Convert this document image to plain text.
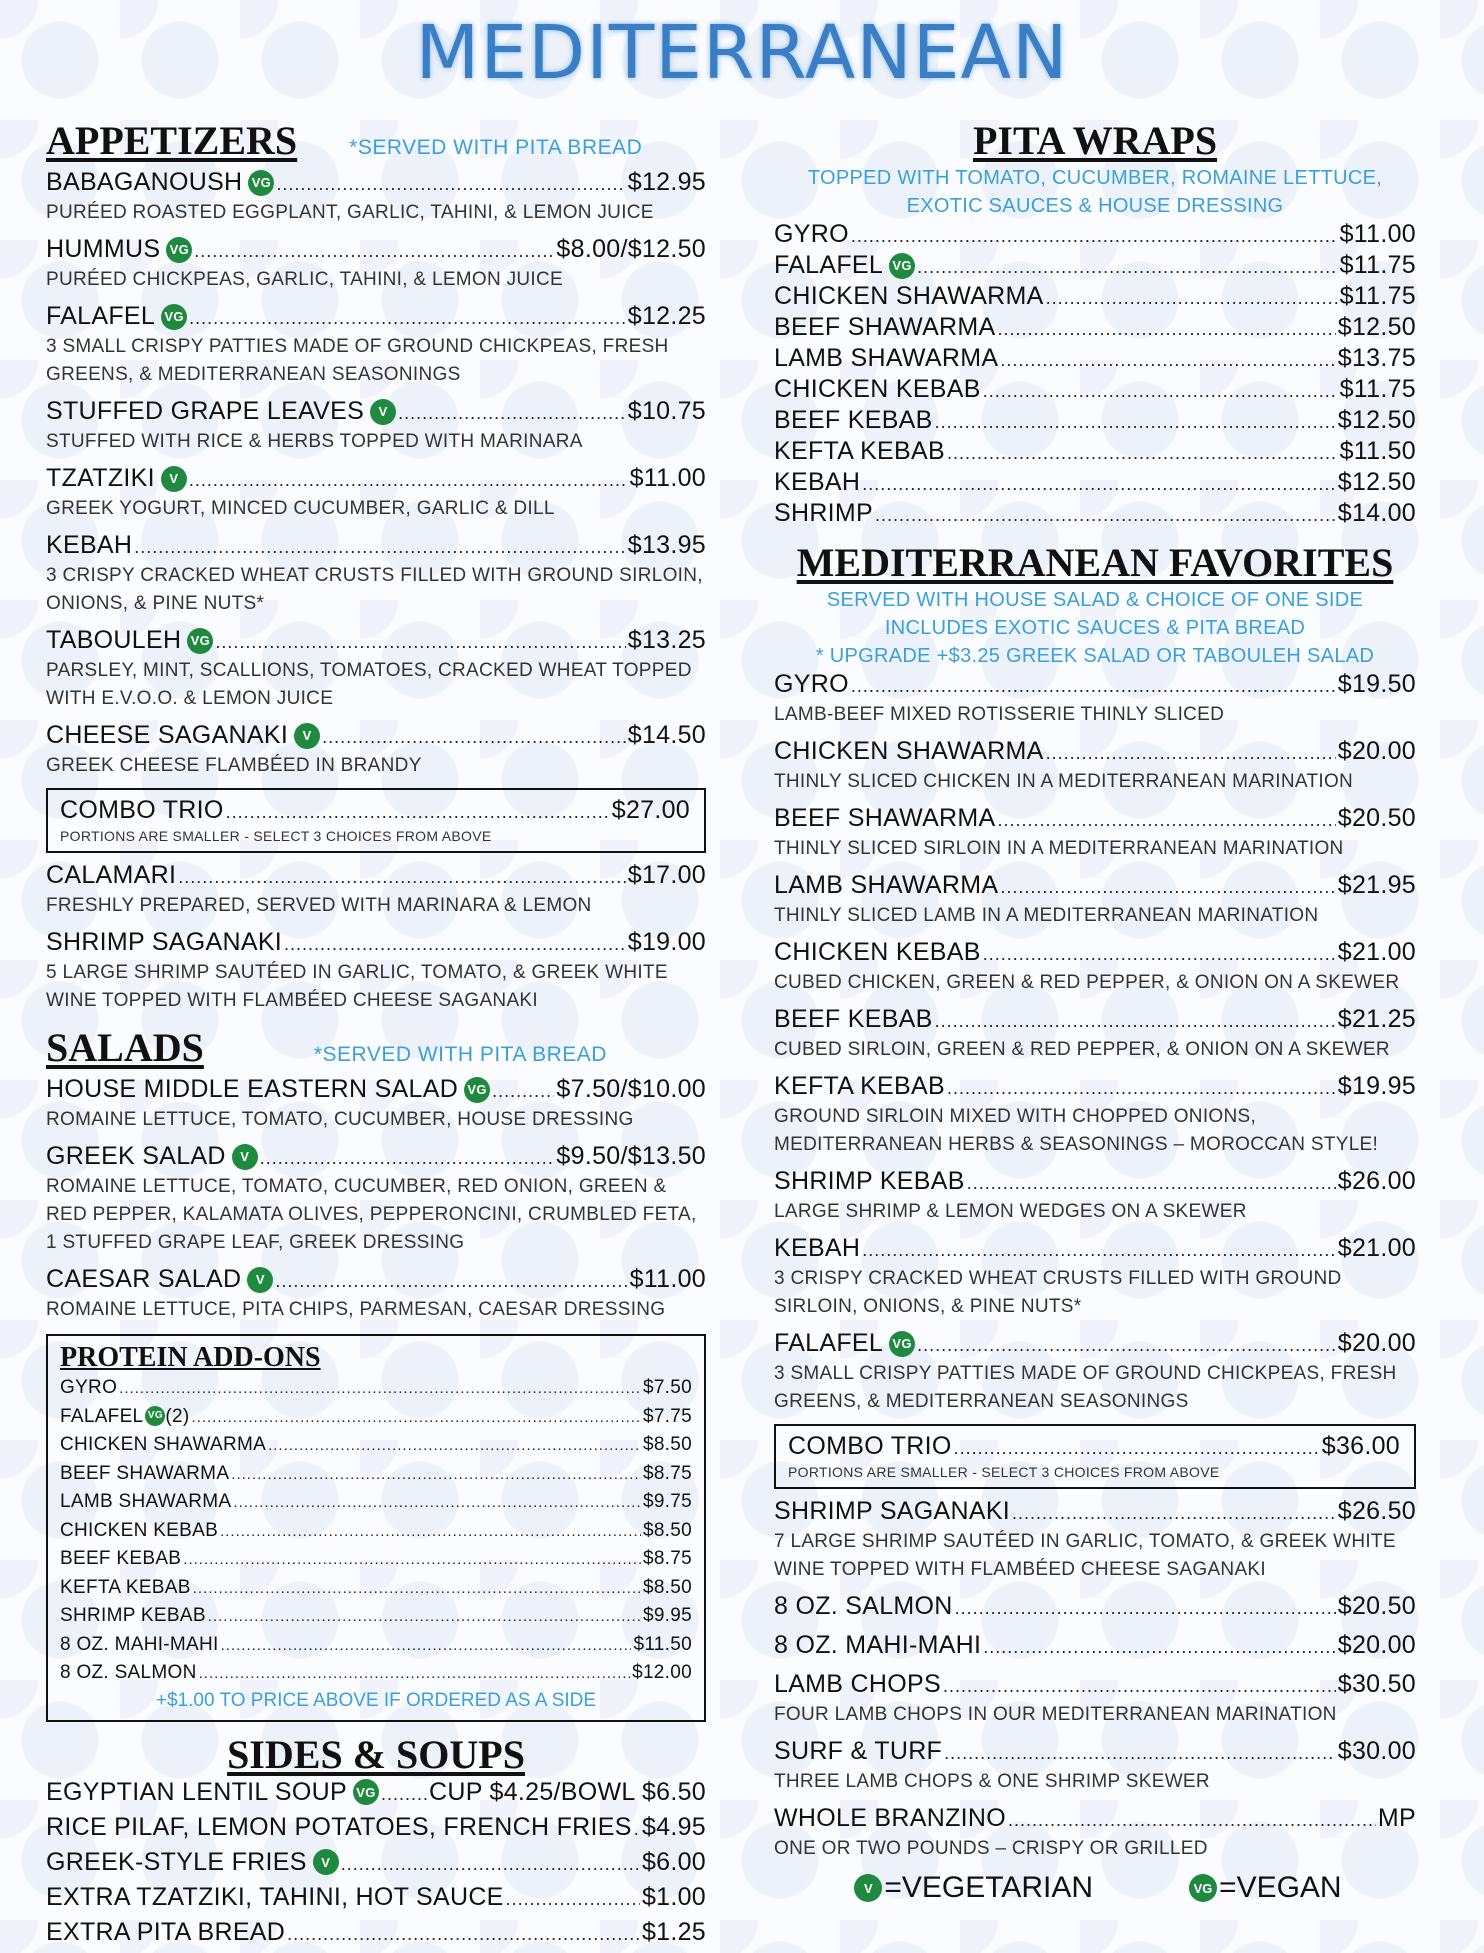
MEDITERRANEAN
APPETIZERS *SERVED WITH PITA BREAD
BABAGANOUSH VG .....	$12.95
PURÉED ROASTED EGGPLANT, GARLIC, TAHINI, & LEMON JUICE
HUMMUS VG .....	$8.00/$12.50
PURÉED CHICKPEAS, GARLIC, TAHINI, & LEMON JUICE
FALAFEL VG .....	$12.25
3 SMALL CRISPY PATTIES MADE OF GROUND CHICKPEAS, FRESH GREENS, & MEDITERRANEAN SEASONINGS
STUFFED GRAPE LEAVES	V .....	$10.75
STUFFED WITH RICE & HERBS TOPPED WITH MARINARA
TZATZIKI	V .....	$11.00
GREEK YOGURT, MINCED CUCUMBER, GARLIC & DILL
KEBAH .....	$13.95
3 CRISPY CRACKED WHEAT CRUSTS FILLED WITH GROUND SIRLOIN, ONIONS, & PINE NUTS*
TABOULEH VG .....	$13.25
PARSLEY, MINT, SCALLIONS, TOMATOES, CRACKED WHEAT TOPPED WITH E.V.O.O. & LEMON JUICE
CHEESE SAGANAKI	V .....	$14.50
GREEK CHEESE FLAMBÉED IN BRANDY
COMBO TRIO .....	$27.00
PORTIONS ARE SMALLER - SELECT 3 CHOICES FROM ABOVE
CALAMARI .....	$17.00
FRESHLY PREPARED, SERVED WITH MARINARA & LEMON
SHRIMP SAGANAKI .....	$19.00
5 LARGE SHRIMP SAUTÉED IN GARLIC, TOMATO, & GREEK WHITE WINE TOPPED WITH FLAMBÉED CHEESE SAGANAKI
SALADS	*SERVED WITH PITA BREAD
HOUSE MIDDLE EASTERN SALAD VG .....	$7.50/$10.00
ROMAINE LETTUCE, TOMATO, CUCUMBER, HOUSE DRESSING
GREEK SALAD	V .....	$9.50/$13.50
ROMAINE LETTUCE, TOMATO, CUCUMBER, RED ONION, GREEN & RED PEPPER, KALAMATA OLIVES, PEPPERONCINI, CRUMBLED FETA, 1 STUFFED GRAPE LEAF, GREEK DRESSING
CAESAR SALAD	V .....	$11.00
ROMAINE LETTUCE, PITA CHIPS, PARMESAN, CAESAR DRESSING
PROTEIN ADD-ONS
GYRO .....	$7.50
FALAFEL VG (2) .....	$7.75
CHICKEN SHAWARMA .....	$8.50
BEEF SHAWARMA .....	$8.75
LAMB SHAWARMA .....	$9.75
CHICKEN KEBAB .....	$8.50
BEEF KEBAB .....	$8.75
KEFTA KEBAB .....	$8.50
SHRIMP KEBAB .....	$9.95
8 OZ. MAHI-MAHI .....	$11.50
8 OZ. SALMON .....	$12.00
+$1.00 TO PRICE ABOVE IF ORDERED AS A SIDE
SIDES & SOUPS
EGYPTIAN LENTIL SOUP VG ..... CUP $4.25/BOWL $6.50
RICE PILAF, LEMON POTATOES, FRENCH FRIES ..... $4.95
GREEK-STYLE FRIES	V .....	$6.00
EXTRA TZATZIKI, TAHINI, HOT SAUCE .....	$1.00
EXTRA PITA BREAD .....	$1.25
PITA WRAPS
TOPPED WITH TOMATO, CUCUMBER, ROMAINE LETTUCE,
EXOTIC SAUCES & HOUSE DRESSING
GYRO .....	$11.00
FALAFEL VG .....	$11.75
CHICKEN SHAWARMA .....	$11.75
BEEF SHAWARMA .....	$12.50
LAMB SHAWARMA .....	$13.75
CHICKEN KEBAB .....	$11.75
BEEF KEBAB .....	$12.50
KEFTA KEBAB .....	$11.50
KEBAH .....	$12.50
SHRIMP .....	$14.00
MEDITERRANEAN FAVORITES
SERVED WITH HOUSE SALAD & CHOICE OF ONE SIDE
INCLUDES EXOTIC SAUCES & PITA BREAD
* UPGRADE +$3.25 GREEK SALAD OR TABOULEH SALAD
GYRO .....	$19.50
LAMB-BEEF MIXED ROTISSERIE THINLY SLICED
CHICKEN SHAWARMA .....	$20.00
THINLY SLICED CHICKEN IN A MEDITERRANEAN MARINATION
BEEF SHAWARMA .....	$20.50
THINLY SLICED SIRLOIN IN A MEDITERRANEAN MARINATION
LAMB SHAWARMA .....	$21.95
THINLY SLICED LAMB IN A MEDITERRANEAN MARINATION
CHICKEN KEBAB .....	$21.00
CUBED CHICKEN, GREEN & RED PEPPER, & ONION ON A SKEWER
BEEF KEBAB .....	$21.25
CUBED SIRLOIN, GREEN & RED PEPPER, & ONION ON A SKEWER
KEFTA KEBAB .....	$19.95
GROUND SIRLOIN MIXED WITH CHOPPED ONIONS, MEDITERRANEAN HERBS & SEASONINGS – MOROCCAN STYLE!
SHRIMP KEBAB .....	$26.00
LARGE SHRIMP & LEMON WEDGES ON A SKEWER
KEBAH .....	$21.00
3 CRISPY CRACKED WHEAT CRUSTS FILLED WITH GROUND SIRLOIN, ONIONS, & PINE NUTS*
FALAFEL VG .....	$20.00
3 SMALL CRISPY PATTIES MADE OF GROUND CHICKPEAS, FRESH GREENS, & MEDITERRANEAN SEASONINGS
COMBO TRIO .....	$36.00
PORTIONS ARE SMALLER - SELECT 3 CHOICES FROM ABOVE
SHRIMP SAGANAKI .....	$26.50
7 LARGE SHRIMP SAUTÉED IN GARLIC, TOMATO, & GREEK WHITE WINE TOPPED WITH FLAMBÉED CHEESE SAGANAKI
8 OZ. SALMON .....	$20.50
8 OZ. MAHI-MAHI .....	$20.00
LAMB CHOPS .....	$30.50
FOUR LAMB CHOPS IN OUR MEDITERRANEAN MARINATION
SURF & TURF .....	$30.00
THREE LAMB CHOPS & ONE SHRIMP SKEWER
WHOLE BRANZINO .....	MP
ONE OR TWO POUNDS – CRISPY OR GRILLED
V =VEGETARIAN	VG =VEGAN
